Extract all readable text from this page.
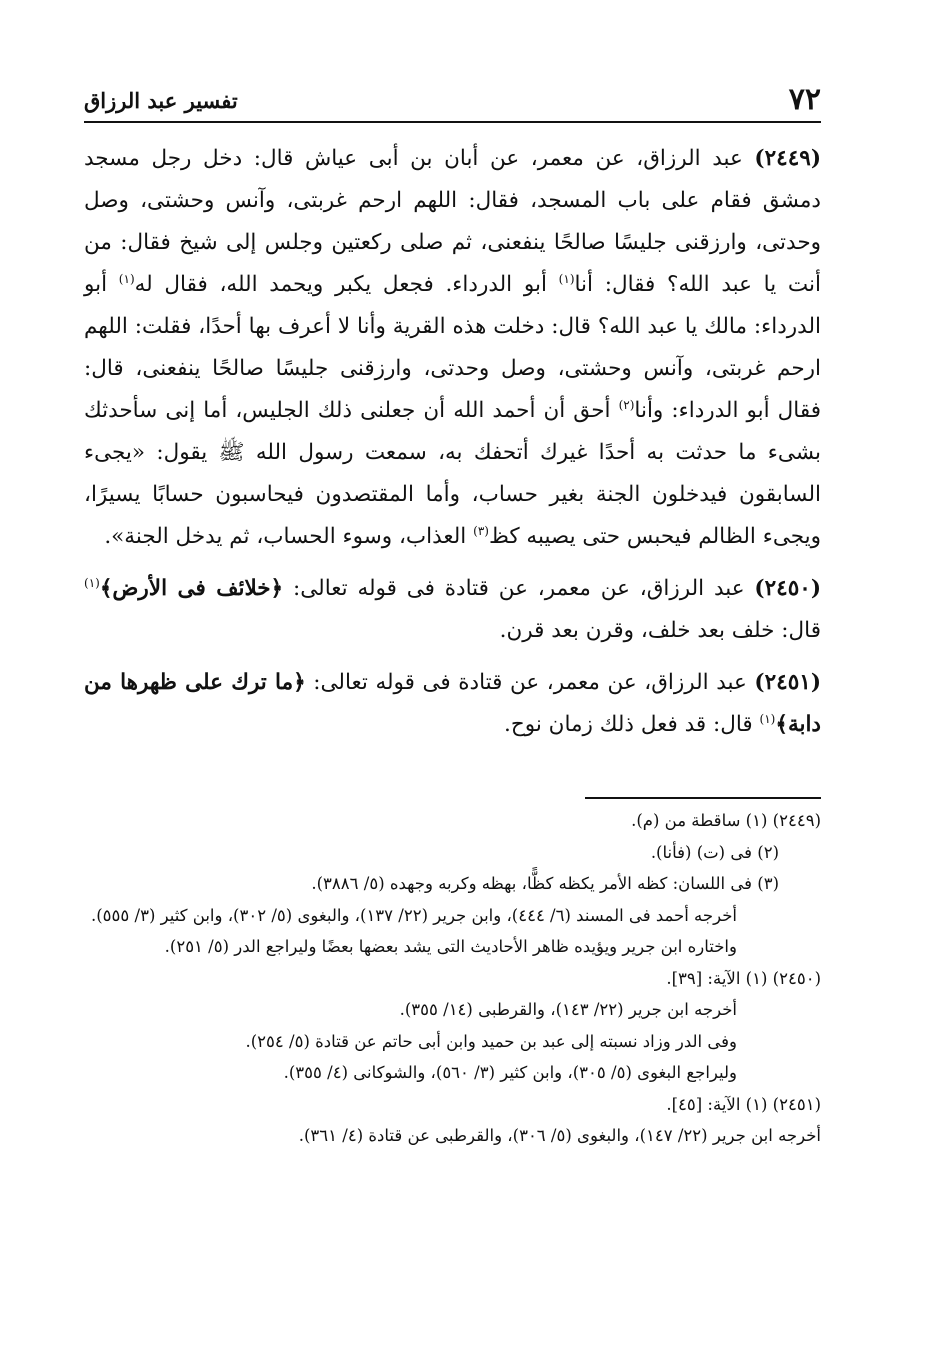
٧٢
تفسير عبد الرزاق

(٢٤٤٩) عبد الرزاق، عن معمر، عن أبان بن أبى عياش قال: دخل رجل مسجد دمشق فقام على باب المسجد، فقال: اللهم ارحم غربتى، وآنس وحشتى، وصل وحدتى، وارزقنى جليسًا صالحًا ينفعنى، ثم صلى ركعتين وجلس إلى شيخ فقال: من أنت يا عبد الله؟ فقال: أنا$^{(١)}$ أبو الدرداء. فجعل يكبر ويحمد الله، فقال له$^{(١)}$ أبو الدرداء: مالك يا عبد الله؟ قال: دخلت هذه القرية وأنا لا أعرف بها أحدًا، فقلت: اللهم ارحم غربتى، وآنس وحشتى، وصل وحدتى، وارزقنى جليسًا صالحًا ينفعنى، قال: فقال أبو الدرداء: وأنا$^{(٢)}$ أحق أن أحمد الله أن جعلنى ذلك الجليس، أما إنى سأحدثك بشىء ما حدثت به أحدًا غيرك أتحفك به، سمعت رسول الله ﷺ يقول: «يجىء السابقون فيدخلون الجنة بغير حساب، وأما المقتصدون فيحاسبون حسابًا يسيرًا، ويجىء الظالم فيحبس حتى يصيبه كظ$^{(٣)}$ العذاب، وسوء الحساب، ثم يدخل الجنة».

(٢٤٥٠) عبد الرزاق، عن معمر، عن قتادة فى قوله تعالى: ﴿خلائف فى الأرض﴾$^{(١)}$ قال: خلف بعد خلف، وقرن بعد قرن.

(٢٤٥١) عبد الرزاق، عن معمر، عن قتادة فى قوله تعالى: ﴿ما ترك على ظهرها من دابة﴾$^{(١)}$ قال: قد فعل ذلك زمان نوح.

(٢٤٤٩) (١) ساقطة من (م).

(٢) فى (ت) (فأنا).

(٣) فى اللسان: كظه الأمر يكظه كظًّا، بهظه وكربه وجهده (٥/ ٣٨٨٦).

أخرجه أحمد فى المسند (٦/ ٤٤٤)، وابن جرير (٢٢/ ١٣٧)، والبغوى (٥/ ٣٠٢)، وابن كثير (٣/ ٥٥٥).

واختاره ابن جرير ويؤيده ظاهر الأحاديث التى يشد بعضها بعضًا وليراجع الدر (٥/ ٢٥١).

(٢٤٥٠) (١) الآية: [٣٩].

أخرجه ابن جرير (٢٢/ ١٤٣)، والقرطبى (١٤/ ٣٥٥).

وفى الدر وزاد نسبته إلى عبد بن حميد وابن أبى حاتم عن قتادة (٥/ ٢٥٤).

وليراجع البغوى (٥/ ٣٠٥)، وابن كثير (٣/ ٥٦٠)، والشوكانى (٤/ ٣٥٥).

(٢٤٥١) (١) الآية: [٤٥].

أخرجه ابن جرير (٢٢/ ١٤٧)، والبغوى (٥/ ٣٠٦)، والقرطبى عن قتادة (٤/ ٣٦١).
